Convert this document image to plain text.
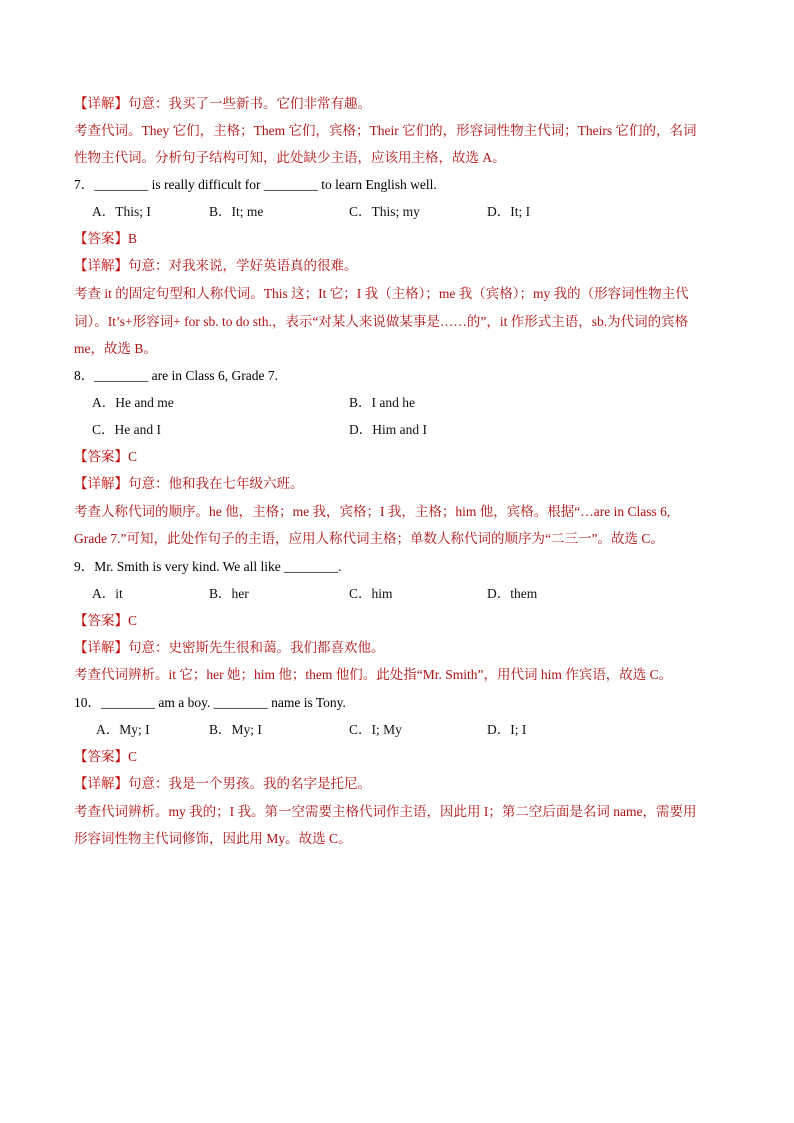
【详解】句意：我买了一些新书。它们非常有趣。
考查代词。They 它们，主格；Them 它们，宾格；Their 它们的，形容词性物主代词；Theirs 它们的，名词
性物主代词。分析句子结构可知，此处缺少主语，应该用主格，故选 A。
7．________ is really difficult for ________ to learn English well.
A．This; I	B．It; me	C．This; my	D．It; I
【答案】B
【详解】句意：对我来说，学好英语真的很难。
考查 it 的固定句型和人称代词。This 这；It 它；I 我（主格）；me 我（宾格）；my 我的（形容词性物主代
词）。It’s+形容词+ for sb. to do sth.，表示“对某人来说做某事是……的”，it 作形式主语，sb.为代词的宾格
me，故选 B。
8．________ are in Class 6, Grade 7.
A．He and me	B．I and he
C．He and I	D．Him and I
【答案】C
【详解】句意：他和我在七年级六班。
考查人称代词的顺序。he 他，主格；me 我，宾格；I 我，主格；him 他，宾格。根据“…are in Class 6,
Grade 7.”可知，此处作句子的主语，应用人称代词主格；单数人称代词的顺序为“二三一”。故选 C。
9．Mr. Smith is very kind. We all like ________.
A．it	B．her	C．him	D．them
【答案】C
【详解】句意：史密斯先生很和蔼。我们都喜欢他。
考查代词辨析。it 它；her 她；him 他；them 他们。此处指“Mr. Smith”，用代词 him 作宾语，故选 C。
10．________ am a boy. ________ name is Tony.
A．My; I	B．My; I	C．I; My	D．I; I
【答案】C
【详解】句意：我是一个男孩。我的名字是托尼。
考查代词辨析。my 我的；I 我。第一空需要主格代词作主语，因此用 I；第二空后面是名词 name，需要用
形容词性物主代词修饰，因此用 My。故选 C。
